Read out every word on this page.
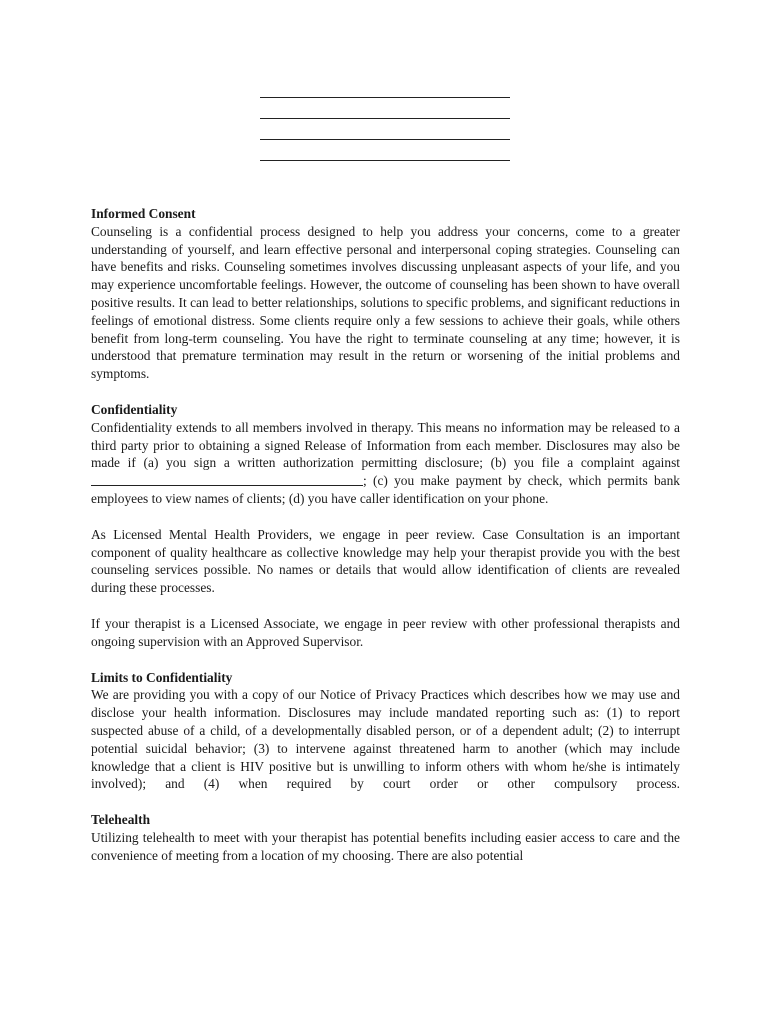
Informed Consent

Counseling is a confidential process designed to help you address your concerns, come to a greater understanding of yourself, and learn effective personal and interpersonal coping strategies. Counseling can have benefits and risks. Counseling sometimes involves discussing unpleasant aspects of your life, and you may experience uncomfortable feelings. However, the outcome of counseling has been shown to have overall positive results. It can lead to better relationships, solutions to specific problems, and significant reductions in feelings of emotional distress. Some clients require only a few sessions to achieve their goals, while others benefit from long-term counseling. You have the right to terminate counseling at any time; however, it is understood that premature termination may result in the return or worsening of the initial problems and symptoms.

Confidentiality

Confidentiality extends to all members involved in therapy. This means no information may be released to a third party prior to obtaining a signed Release of Information from each member. Disclosures may also be made if (a) you sign a written authorization permitting disclosure; (b) you file a complaint against ; (c) you make payment by check, which permits bank employees to view names of clients; (d) you have caller identification on your phone.

As Licensed Mental Health Providers, we engage in peer review. Case Consultation is an important component of quality healthcare as collective knowledge may help your therapist provide you with the best counseling services possible. No names or details that would allow identification of clients are revealed during these processes.

If your therapist is a Licensed Associate, we engage in peer review with other professional therapists and ongoing supervision with an Approved Supervisor.

Limits to Confidentiality

We are providing you with a copy of our Notice of Privacy Practices which describes how we may use and disclose your health information. Disclosures may include mandated reporting such as: (1) to report suspected abuse of a child, of a developmentally disabled person, or of a dependent adult; (2) to interrupt potential suicidal behavior; (3) to intervene against threatened harm to another (which may include knowledge that a client is HIV positive but is unwilling to inform others with whom he/she is intimately involved); and (4) when required by court order or other compulsory process.

Telehealth

Utilizing telehealth to meet with your therapist has potential benefits including easier access to care and the convenience of meeting from a location of my choosing. There are also potential
